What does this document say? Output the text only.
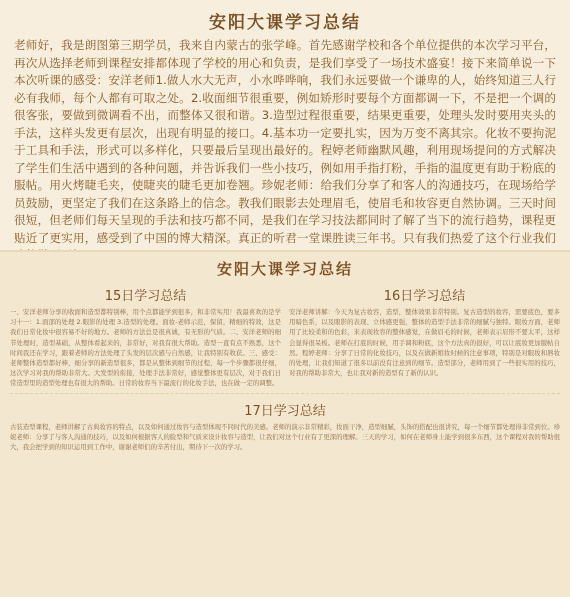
安阳大课学习总结

老师好，我是朗图第三期学员，我来自内蒙古的张学峰。首先感谢学校和各个单位提供的本次学习平台，再次从选择老师到课程安排都体现了学校的用心和负责，是我们享受了一场技术盛宴！接下来简单说一下本次听课的感受：安洋老师1.做人水大无声，小水哗哗响，我们永远要做一个谦卑的人，始终知道三人行必有我师，每个人都有可取之处。2.收面细节很重要，例如矫形时要每个方面都调一下，不是把一个调的很客张，要做到微调看不出，而整体又很和谐。3.造型过程很重要，结果更重要，处理头发时要用夹头的手法，这样头发更有层次，出现有明显的接口。4.基本功一定要扎实，因为万变不离其宗。化妆不要拘泥于工具和手法，形式可以多样化，只要最后呈现出最好的。程婷老师幽默风趣，利用现场提问的方式解决了学生们生活中遇到的各种问题，并告诉我们一些小技巧，例如用手指打粉，手指的温度更有助于粉底的服帖。用火烤睫毛夹，使睫夹的睫毛更加卷翘。珍妮老师：给我们分享了和客人的沟通技巧，在现场给学员鼓励，更坚定了我们在这条路上的信念。教我们眼影去处理眉毛，使眉毛和妆容更自然协调。三天时间很短，但老师们每天呈现的手法和技巧都不同，是我们在学习技法都同时了解了当下的流行趋势，课程更贴近了更实用，感受到了中国的博大精深。真正的听君一堂课胜读三年书。只有我们热爱了这个行业我们

安阳大课学习总结
15日学习总结

一、安洋老师分享的收面和造型都特别棒，用个点都能学到很多，和非常实用！我最喜欢的是学习十一：1.面部的处理 2.眼影的处理 3.造型的处理。面妆-老师示范，保留，精细的特效，这是我们日常化妆中很容易不好的地方。老师的方法总是很真诚，有无形的气质。二、安洋老师的细节处理时，造型基础，从整体看起来的，非常好，对我有很大帮助。造型一直有点不熟悉，这个时间我还在学习，跟着老师的方法处理了头发的层次感与自然感，让我特别有收获。三、感受：老师整体造型都好棒，细分享的新造型很多，都是从整体到细节的过程，每一个步骤都很仔细，这次学习对我的帮助非常大。大发型的衔接，处理手法非常好，感觉整体更有层次，对于我们日常造型里的造型处理也有很大的帮助。日常的妆容当下最流行的化妆手法，也在做一定的调整。

16日学习总结

安洋老师讲解：今天为复古妆容，造型，整体效果非常特别。复古造型的妆容，需要底色，要多用暗色系，以及眼影的表现、立体感更强，整体的造型手法非常的细腻与独特。眼妆方面，老师用了比较柔和的色彩，来表现妆容的整体感觉，在做眉毛的时候，老师表示眉形不要太平，这样会显得很呆板。老师在打底的时候，用手调和粉底，这个方法真的很好，可以让底妆更加服帖自然。程婷老师：分享了日常的化妆技巧，以及在做新娘妆时候的注意事项，特别是对眼妆和唇妆的处理，让我们知道了很多以前没有注意到的细节。造型部分，老师用到了一些很实用的技巧，对我的帮助非常大，也让我对新的造型有了新的认识。

17日学习总结

古装造型课程，老师讲解了古典妆容的特点，以及如何通过妆容与造型体现不同时代的美感。老师的演示非常精彩，妆面干净，造型细腻，头饰的搭配也很讲究，每一个细节都处理得非常到位。珍妮老师：分享了与客人沟通的技巧，以及如何根据客人的脸型和气质来设计妆容与造型，让我们对这个行业有了更深的理解。三天的学习，如何在老师身上能学到很多东西，这个课程对我的帮助很大，我会把学到的知识运用到工作中，谢谢老师们的辛苦付出，期待下一次的学习。
